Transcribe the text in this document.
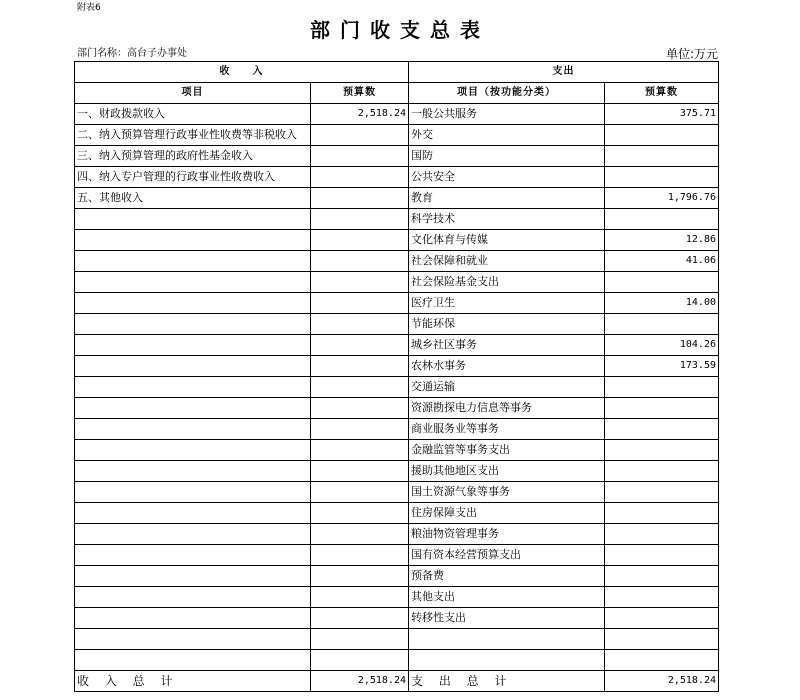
附表6
部门收支总表
部门名称：高台子办事处	单位:万元
收　　入		支出	
项目	预算数	项目（按功能分类）	预算数
一、财政拨款收入	2,518.24	一般公共服务	375.71
二、纳入预算管理行政事业性收费等非税收入		外交	
三、纳入预算管理的政府性基金收入		国防	
四、纳入专户管理的行政事业性收费收入		公共安全	
五、其他收入		教育	1,796.76
		科学技术	
		文化体育与传媒	12.86
		社会保障和就业	41.06
		社会保险基金支出	
		医疗卫生	14.00
		节能环保	
		城乡社区事务	104.26
		农林水事务	173.59
		交通运输	
		资源勘探电力信息等事务	
		商业服务业等事务	
		金融监管等事务支出	
		援助其他地区支出	
		国土资源气象等事务	
		住房保障支出	
		粮油物资管理事务	
		国有资本经营预算支出	
		预备费	
		其他支出	
		转移性支出	

收 入 总 计	2,518.24	支 出 总 计	2,518.24
